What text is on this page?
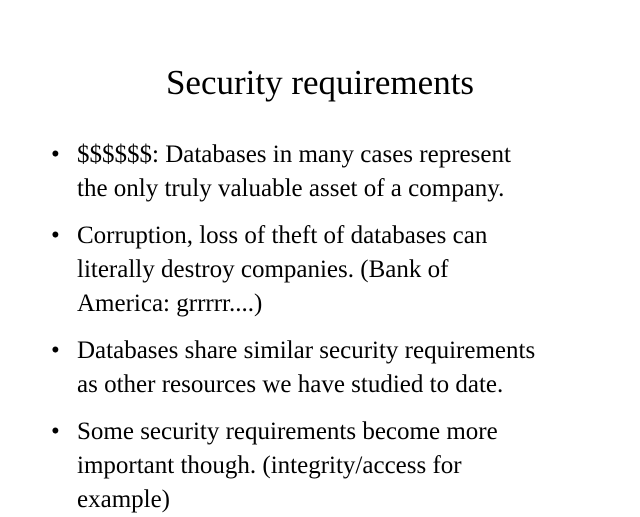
Security requirements
• $$$$$$: Databases in many cases represent
the only truly valuable asset of a company.
• Corruption, loss of theft of databases can
literally destroy companies. (Bank of
America: grrrrr....)
• Databases share similar security requirements
as other resources we have studied to date.
• Some security requirements become more
important though. (integrity/access for
example)
